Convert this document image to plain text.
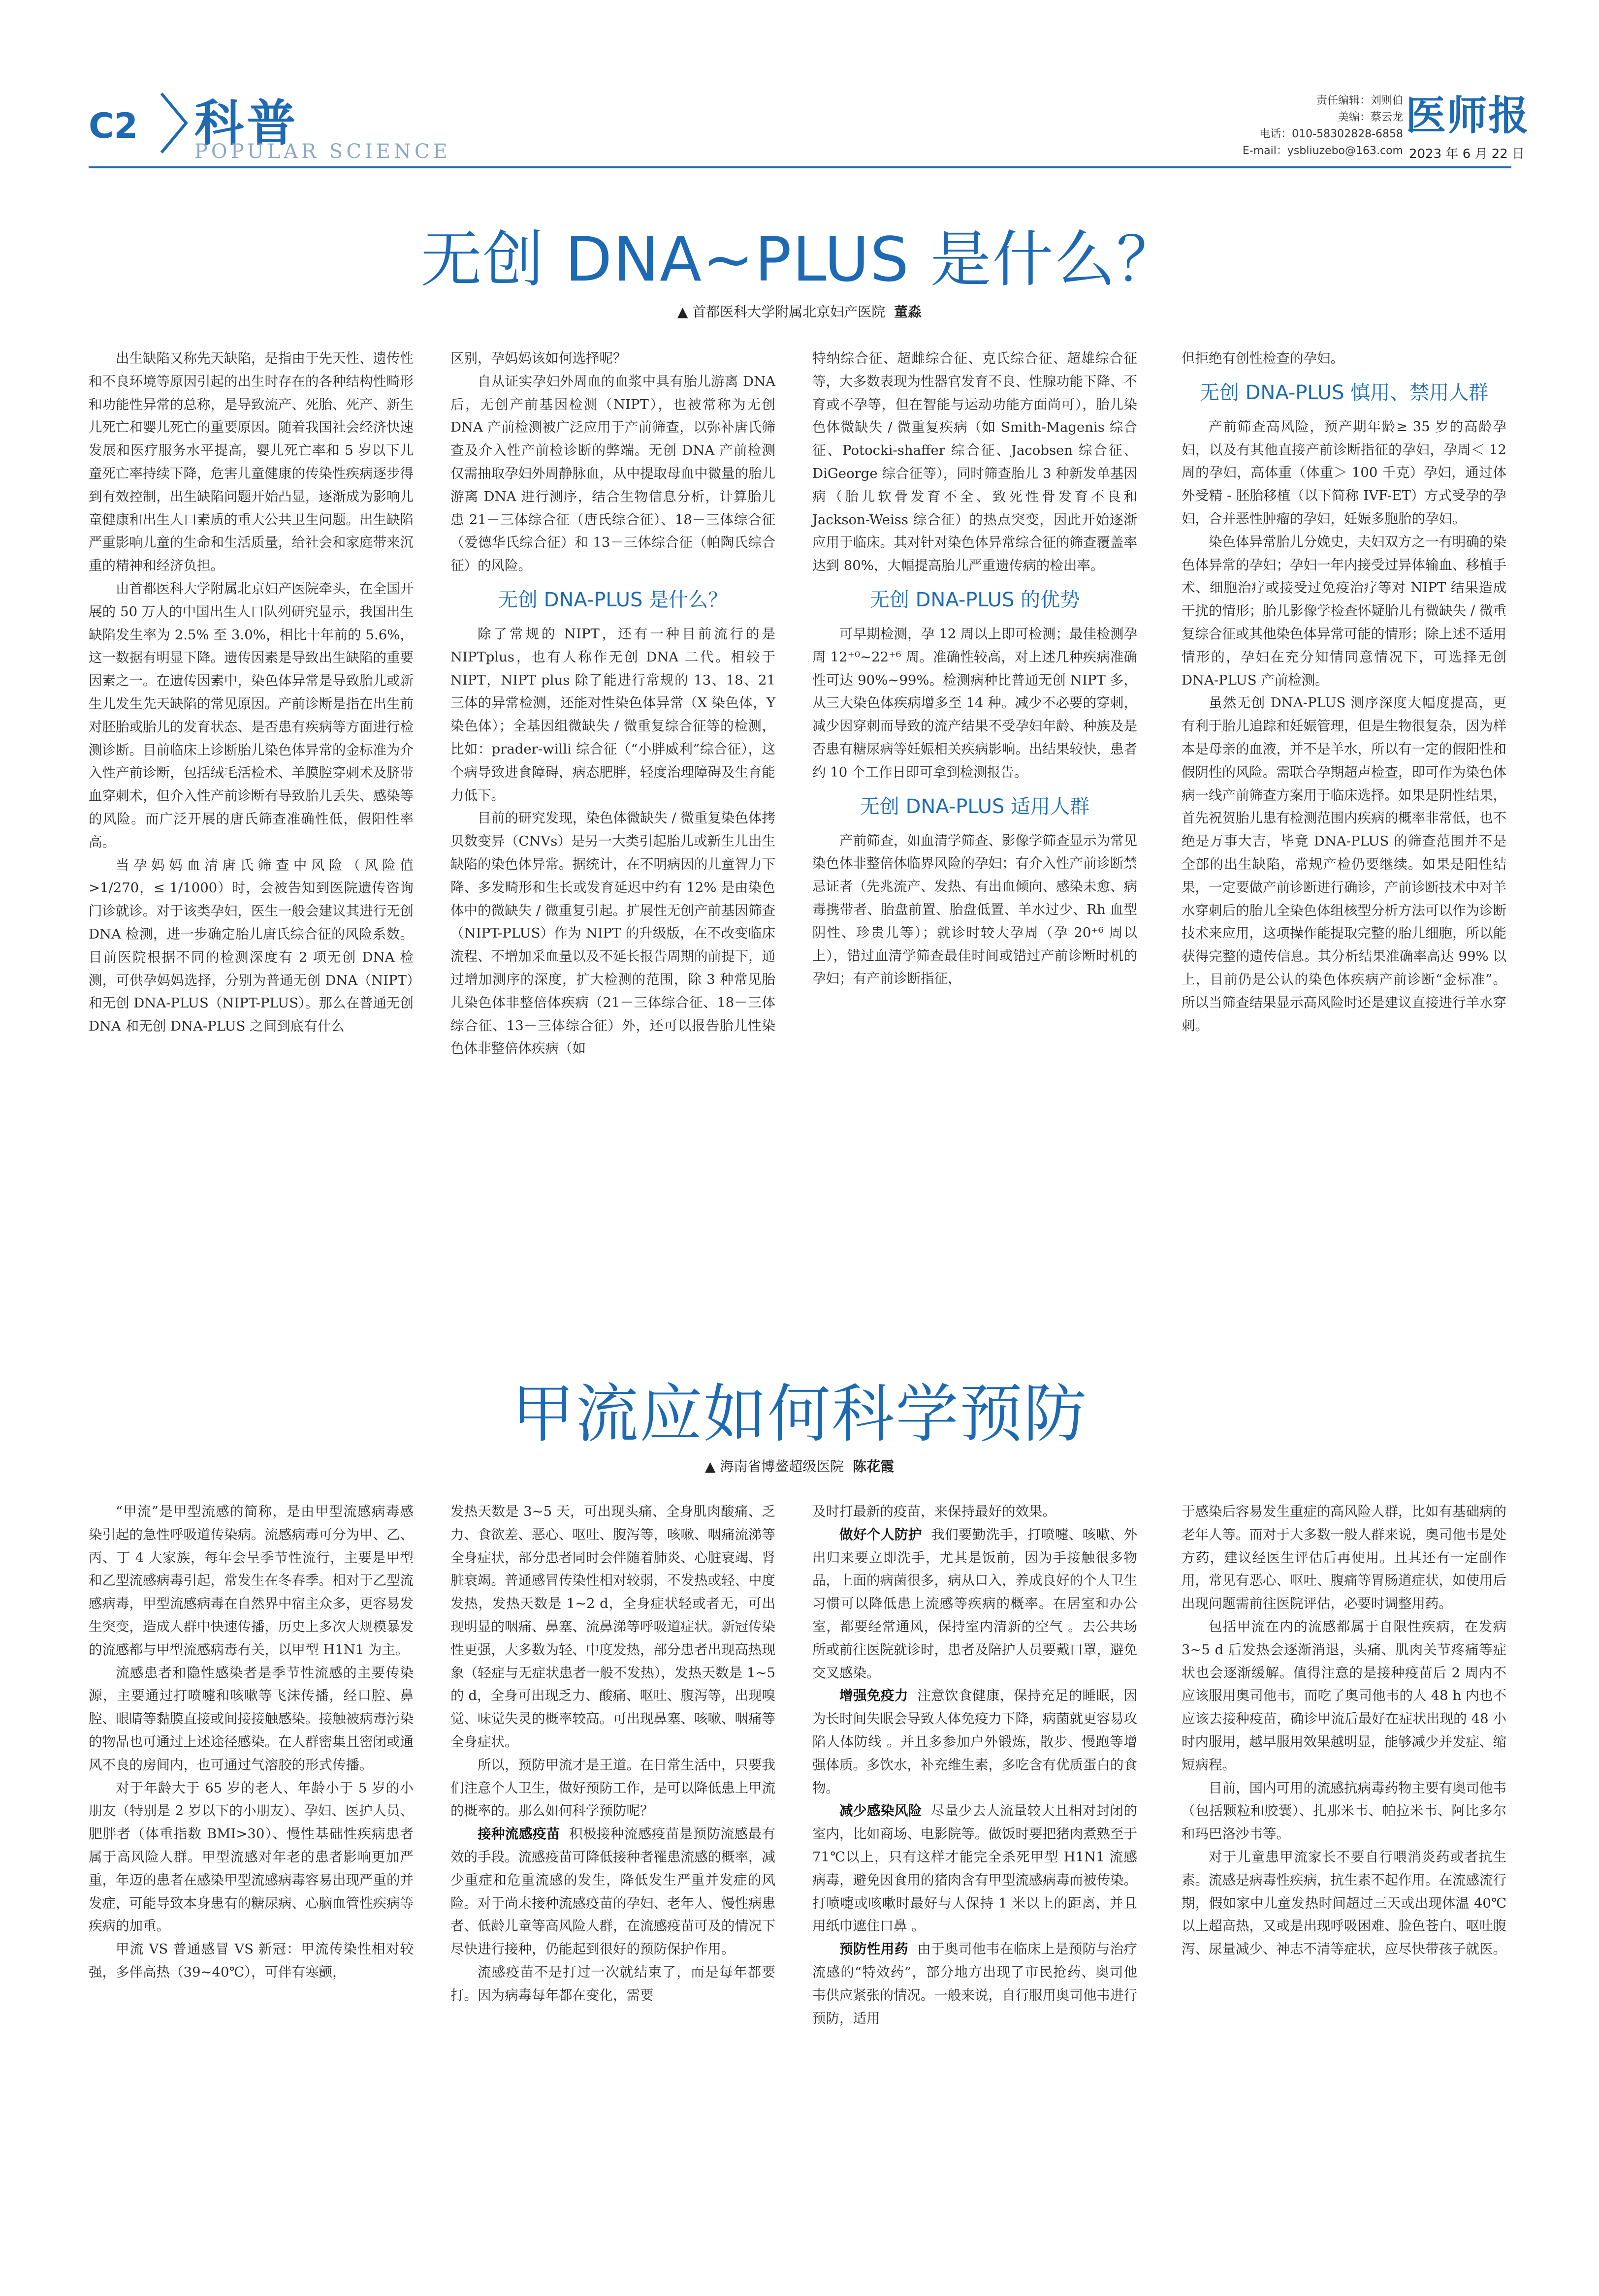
C2 科普
POPULAR SCIENCE
责任编辑：刘则伯
美编：蔡云龙
电话：010-58302828-6858
E-mail：ysbliuzebo@163.com
医师报
2023 年 6 月 22 日
无创 DNA~PLUS 是什么？
▲ 首都医科大学附属北京妇产医院 董淼

出生缺陷又称先天缺陷，是指由于先天性、遗传性和不良环境等原因引起的出生时存在的各种结构性畸形和功能性异常的总称，是导致流产、死胎、死产、新生儿死亡和婴儿死亡的重要原因。随着我国社会经济快速发展和医疗服务水平提高，婴儿死亡率和 5 岁以下儿童死亡率持续下降，危害儿童健康的传染性疾病逐步得到有效控制，出生缺陷问题开始凸显，逐渐成为影响儿童健康和出生人口素质的重大公共卫生问题。出生缺陷严重影响儿童的生命和生活质量，给社会和家庭带来沉重的精神和经济负担。

由首都医科大学附属北京妇产医院牵头，在全国开展的 50 万人的中国出生人口队列研究显示，我国出生缺陷发生率为 2.5% 至 3.0%，相比十年前的 5.6%，这一数据有明显下降。遗传因素是导致出生缺陷的重要因素之一。在遗传因素中，染色体异常是导致胎儿或新生儿发生先天缺陷的常见原因。产前诊断是指在出生前对胚胎或胎儿的发育状态、是否患有疾病等方面进行检测诊断。目前临床上诊断胎儿染色体异常的金标准为介入性产前诊断，包括绒毛活检术、羊膜腔穿刺术及脐带血穿刺术，但介入性产前诊断有导致胎儿丢失、感染等的风险。而广泛开展的唐氏筛查准确性低，假阳性率高。

当孕妈妈血清唐氏筛查中风险（风险值 >1/270，≤ 1/1000）时，会被告知到医院遗传咨询门诊就诊。对于该类孕妇，医生一般会建议其进行无创 DNA 检测，进一步确定胎儿唐氏综合征的风险系数。目前医院根据不同的检测深度有 2 项无创 DNA 检测，可供孕妈妈选择，分别为普通无创 DNA（NIPT）和无创 DNA-PLUS（NIPT-PLUS）。那么在普通无创 DNA 和无创 DNA-PLUS 之间到底有什么

区别，孕妈妈该如何选择呢？

自从证实孕妇外周血的血浆中具有胎儿游离 DNA 后，无创产前基因检测（NIPT），也被常称为无创 DNA 产前检测被广泛应用于产前筛查，以弥补唐氏筛查及介入性产前检诊断的弊端。无创 DNA 产前检测仅需抽取孕妇外周静脉血，从中提取母血中微量的胎儿游离 DNA 进行测序，结合生物信息分析，计算胎儿患 21－三体综合征（唐氏综合征）、18－三体综合征（爱德华氏综合征）和 13－三体综合征（帕陶氏综合征）的风险。

无创 DNA-PLUS 是什么？

除了常规的 NIPT，还有一种目前流行的是 NIPTplus，也有人称作无创 DNA 二代。相较于 NIPT，NIPT plus 除了能进行常规的 13、18、21 三体的异常检测，还能对性染色体异常（X 染色体，Y 染色体）；全基因组微缺失 / 微重复综合征等的检测，比如：prader-willi 综合征（“小胖威利”综合征），这个病导致进食障碍，病态肥胖，轻度治理障碍及生育能力低下。

目前的研究发现，染色体微缺失 / 微重复染色体拷贝数变异（CNVs）是另一大类引起胎儿或新生儿出生缺陷的染色体异常。据统计，在不明病因的儿童智力下降、多发畸形和生长或发育延迟中约有 12% 是由染色体中的微缺失 / 微重复引起。扩展性无创产前基因筛查（NIPT-PLUS）作为 NIPT 的升级版，在不改变临床流程、不增加采血量以及不延长报告周期的前提下，通过增加测序的深度，扩大检测的范围，除 3 种常见胎儿染色体非整倍体疾病（21－三体综合征、18－三体综合征、13－三体综合征）外，还可以报告胎儿性染色体非整倍体疾病（如

特纳综合征、超雌综合征、克氏综合征、超雄综合征等，大多数表现为性器官发育不良、性腺功能下降、不育或不孕等，但在智能与运动功能方面尚可），胎儿染色体微缺失 / 微重复疾病（如 Smith-Magenis 综合征、Potocki-shaffer 综合征、Jacobsen 综合征、DiGeorge 综合征等），同时筛查胎儿 3 种新发单基因病（胎儿软骨发育不全、致死性骨发育不良和 Jackson-Weiss 综合征）的热点突变，因此开始逐渐应用于临床。其对针对染色体异常综合征的筛查覆盖率达到 80%，大幅提高胎儿严重遗传病的检出率。

无创 DNA-PLUS 的优势

可早期检测，孕 12 周以上即可检测；最佳检测孕周 12⁺⁰~22⁺⁶ 周。准确性较高，对上述几种疾病准确性可达 90%~99%。检测病种比普通无创 NIPT 多，从三大染色体疾病增多至 14 种。减少不必要的穿刺，减少因穿刺而导致的流产结果不受孕妇年龄、种族及是否患有糖尿病等妊娠相关疾病影响。出结果较快，患者约 10 个工作日即可拿到检测报告。

无创 DNA-PLUS 适用人群

产前筛查，如血清学筛查、影像学筛查显示为常见染色体非整倍体临界风险的孕妇；有介入性产前诊断禁忌证者（先兆流产、发热、有出血倾向、感染未愈、病毒携带者、胎盘前置、胎盘低置、羊水过少、Rh 血型阴性、珍贵儿等）；就诊时较大孕周（孕 20⁺⁶ 周以上），错过血清学筛查最佳时间或错过产前诊断时机的孕妇；有产前诊断指征，

但拒绝有创性检查的孕妇。

无创 DNA-PLUS 慎用、禁用人群

产前筛查高风险，预产期年龄≥ 35 岁的高龄孕妇，以及有其他直接产前诊断指征的孕妇，孕周＜ 12 周的孕妇，高体重（体重＞ 100 千克）孕妇，通过体外受精 - 胚胎移植（以下简称 IVF-ET）方式受孕的孕妇，合并恶性肿瘤的孕妇，妊娠多胞胎的孕妇。

染色体异常胎儿分娩史，夫妇双方之一有明确的染色体异常的孕妇；孕妇一年内接受过异体输血、移植手术、细胞治疗或接受过免疫治疗等对 NIPT 结果造成干扰的情形；胎儿影像学检查怀疑胎儿有微缺失 / 微重复综合征或其他染色体异常可能的情形；除上述不适用情形的，孕妇在充分知情同意情况下，可选择无创 DNA-PLUS 产前检测。

虽然无创 DNA-PLUS 测序深度大幅度提高，更有利于胎儿追踪和妊娠管理，但是生物很复杂，因为样本是母亲的血液，并不是羊水，所以有一定的假阳性和假阴性的风险。需联合孕期超声检查，即可作为染色体病一线产前筛查方案用于临床选择。如果是阴性结果，首先祝贺胎儿患有检测范围内疾病的概率非常低，也不绝是万事大吉，毕竟 DNA-PLUS 的筛查范围并不是全部的出生缺陷，常规产检仍要继续。如果是阳性结果，一定要做产前诊断进行确诊，产前诊断技术中对羊水穿刺后的胎儿全染色体组核型分析方法可以作为诊断技术来应用，这项操作能提取完整的胎儿细胞，所以能获得完整的遗传信息。其分析结果准确率高达 99% 以上，目前仍是公认的染色体疾病产前诊断“金标准”。所以当筛查结果显示高风险时还是建议直接进行羊水穿刺。

甲流应如何科学预防
▲ 海南省博鳌超级医院 陈花霞

“甲流”是甲型流感的简称，是由甲型流感病毒感染引起的急性呼吸道传染病。流感病毒可分为甲、乙、丙、丁 4 大家族，每年会呈季节性流行，主要是甲型和乙型流感病毒引起，常发生在冬春季。相对于乙型流感病毒，甲型流感病毒在自然界中宿主众多，更容易发生突变，造成人群中快速传播，历史上多次大规模暴发的流感都与甲型流感病毒有关，以甲型 H1N1 为主。

流感患者和隐性感染者是季节性流感的主要传染源，主要通过打喷嚏和咳嗽等飞沫传播，经口腔、鼻腔、眼睛等黏膜直接或间接接触感染。接触被病毒污染的物品也可通过上述途径感染。在人群密集且密闭或通风不良的房间内，也可通过气溶胶的形式传播。

对于年龄大于 65 岁的老人、年龄小于 5 岁的小朋友（特别是 2 岁以下的小朋友）、孕妇、医护人员、肥胖者（体重指数 BMI>30）、慢性基础性疾病患者属于高风险人群。甲型流感对年老的患者影响更加严重，年迈的患者在感染甲型流感病毒容易出现严重的并发症，可能导致本身患有的糖尿病、心脑血管性疾病等疾病的加重。

甲流 VS 普通感冒 VS 新冠：甲流传染性相对较强，多伴高热（39~40℃），可伴有寒颤，

发热天数是 3~5 天，可出现头痛、全身肌肉酸痛、乏力、食欲差、恶心、呕吐、腹泻等，咳嗽、咽痛流涕等全身症状，部分患者同时会伴随着肺炎、心脏衰竭、肾脏衰竭。普通感冒传染性相对较弱，不发热或轻、中度发热，发热天数是 1~2 d，全身症状轻或者无，可出现明显的咽痛、鼻塞、流鼻涕等呼吸道症状。新冠传染性更强，大多数为轻、中度发热，部分患者出现高热现象（轻症与无症状患者一般不发热），发热天数是 1~5 的 d，全身可出现乏力、酸痛、呕吐、腹泻等，出现嗅觉、味觉失灵的概率较高。可出现鼻塞、咳嗽、咽痛等全身症状。

所以，预防甲流才是王道。在日常生活中，只要我们注意个人卫生，做好预防工作，是可以降低患上甲流的概率的。那么如何科学预防呢？

接种流感疫苗 积极接种流感疫苗是预防流感最有效的手段。流感疫苗可降低接种者罹患流感的概率，减少重症和危重流感的发生，降低发生严重并发症的风险。对于尚未接种流感疫苗的孕妇、老年人、慢性病患者、低龄儿童等高风险人群，在流感疫苗可及的情况下尽快进行接种，仍能起到很好的预防保护作用。

流感疫苗不是打过一次就结束了，而是每年都要打。因为病毒每年都在变化，需要

及时打最新的疫苗，来保持最好的效果。

做好个人防护 我们要勤洗手，打喷嚏、咳嗽、外出归来要立即洗手，尤其是饭前，因为手接触很多物品，上面的病菌很多，病从口入，养成良好的个人卫生习惯可以降低患上流感等疾病的概率。在居室和办公室，都要经常通风，保持室内清新的空气 。去公共场所或前往医院就诊时，患者及陪护人员要戴口罩，避免交叉感染。

增强免疫力 注意饮食健康，保持充足的睡眠，因为长时间失眠会导致人体免疫力下降，病菌就更容易攻陷人体防线 。并且多参加户外锻炼，散步、慢跑等增强体质。多饮水，补充维生素，多吃含有优质蛋白的食物。

减少感染风险 尽量少去人流量较大且相对封闭的室内，比如商场、电影院等。做饭时要把猪肉煮熟至于 71℃以上，只有这样才能完全杀死甲型 H1N1 流感病毒，避免因食用的猪肉含有甲型流感病毒而被传染。打喷嚏或咳嗽时最好与人保持 1 米以上的距离，并且用纸巾遮住口鼻 。

预防性用药 由于奥司他韦在临床上是预防与治疗流感的“特效药”，部分地方出现了市民抢药、奥司他韦供应紧张的情况。一般来说，自行服用奥司他韦进行预防，适用

于感染后容易发生重症的高风险人群，比如有基础病的老年人等。而对于大多数一般人群来说，奥司他韦是处方药，建议经医生评估后再使用。且其还有一定副作用，常见有恶心、呕吐、腹痛等胃肠道症状，如使用后出现问题需前往医院评估，必要时调整用药。

包括甲流在内的流感都属于自限性疾病，在发病 3~5 d 后发热会逐渐消退，头痛、肌肉关节疼痛等症状也会逐渐缓解。值得注意的是接种疫苗后 2 周内不应该服用奥司他韦，而吃了奥司他韦的人 48 h 内也不应该去接种疫苗，确诊甲流后最好在症状出现的 48 小时内服用，越早服用效果越明显，能够减少并发症、缩短病程。

目前，国内可用的流感抗病毒药物主要有奥司他韦（包括颗粒和胶囊）、扎那米韦、帕拉米韦、阿比多尔和玛巴洛沙韦等。

对于儿童患甲流家长不要自行喂消炎药或者抗生素。流感是病毒性疾病，抗生素不起作用。在流感流行期，假如家中儿童发热时间超过三天或出现体温 40℃以上超高热，又或是出现呼吸困难、脸色苍白、呕吐腹泻、尿量减少、神志不清等症状，应尽快带孩子就医。
